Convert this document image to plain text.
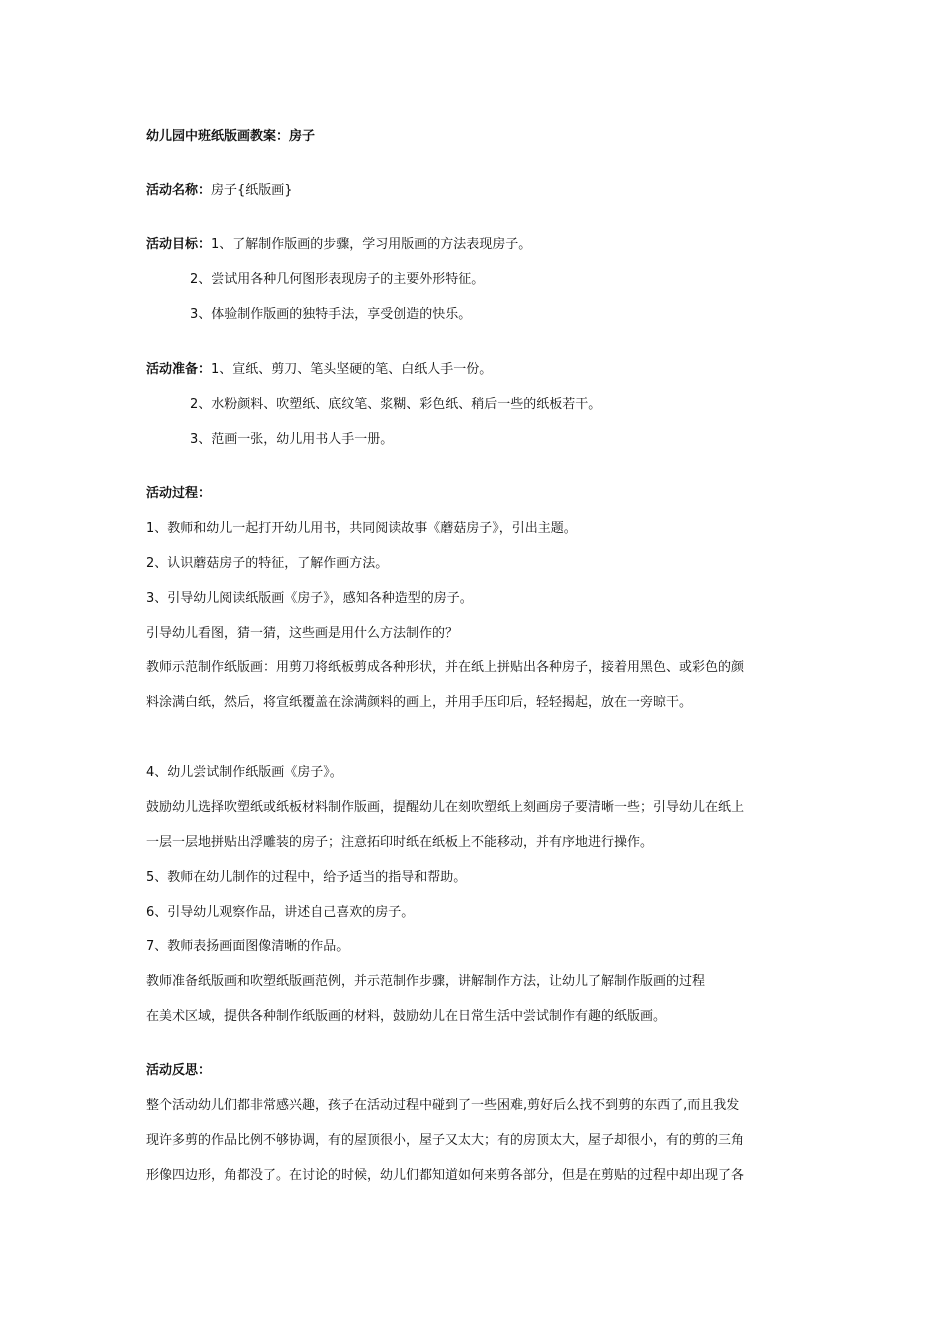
幼儿园中班纸版画教案：房子
活动名称：房子{纸版画}
活动目标：1、了解制作版画的步骤，学习用版画的方法表现房子。
2、尝试用各种几何图形表现房子的主要外形特征。
3、体验制作版画的独特手法，享受创造的快乐。
活动准备：1、宣纸、剪刀、笔头坚硬的笔、白纸人手一份。
2、水粉颜料、吹塑纸、底纹笔、浆糊、彩色纸、稍后一些的纸板若干。
3、范画一张，幼儿用书人手一册。
活动过程：
1、教师和幼儿一起打开幼儿用书，共同阅读故事《蘑菇房子》，引出主题。
2、认识蘑菇房子的特征，了解作画方法。
3、引导幼儿阅读纸版画《房子》，感知各种造型的房子。
引导幼儿看图，猜一猜，这些画是用什么方法制作的？
教师示范制作纸版画：用剪刀将纸板剪成各种形状，并在纸上拼贴出各种房子，接着用黑色、或彩色的颜
料涂满白纸，然后，将宣纸覆盖在涂满颜料的画上，并用手压印后，轻轻揭起，放在一旁晾干。
4、幼儿尝试制作纸版画《房子》。
鼓励幼儿选择吹塑纸或纸板材料制作版画，提醒幼儿在刻吹塑纸上刻画房子要清晰一些；引导幼儿在纸上
一层一层地拼贴出浮雕装的房子；注意拓印时纸在纸板上不能移动，并有序地进行操作。
5、教师在幼儿制作的过程中，给予适当的指导和帮助。
6、引导幼儿观察作品，讲述自己喜欢的房子。
7、教师表扬画面图像清晰的作品。
教师准备纸版画和吹塑纸版画范例，并示范制作步骤，讲解制作方法，让幼儿了解制作版画的过程
在美术区域，提供各种制作纸版画的材料，鼓励幼儿在日常生活中尝试制作有趣的纸版画。
活动反思：
整个活动幼儿们都非常感兴趣，孩子在活动过程中碰到了一些困难,剪好后么找不到剪的东西了,而且我发
现许多剪的作品比例不够协调，有的屋顶很小，屋子又太大；有的房顶太大，屋子却很小，有的剪的三角
形像四边形，角都没了。在讨论的时候，幼儿们都知道如何来剪各部分，但是在剪贴的过程中却出现了各
